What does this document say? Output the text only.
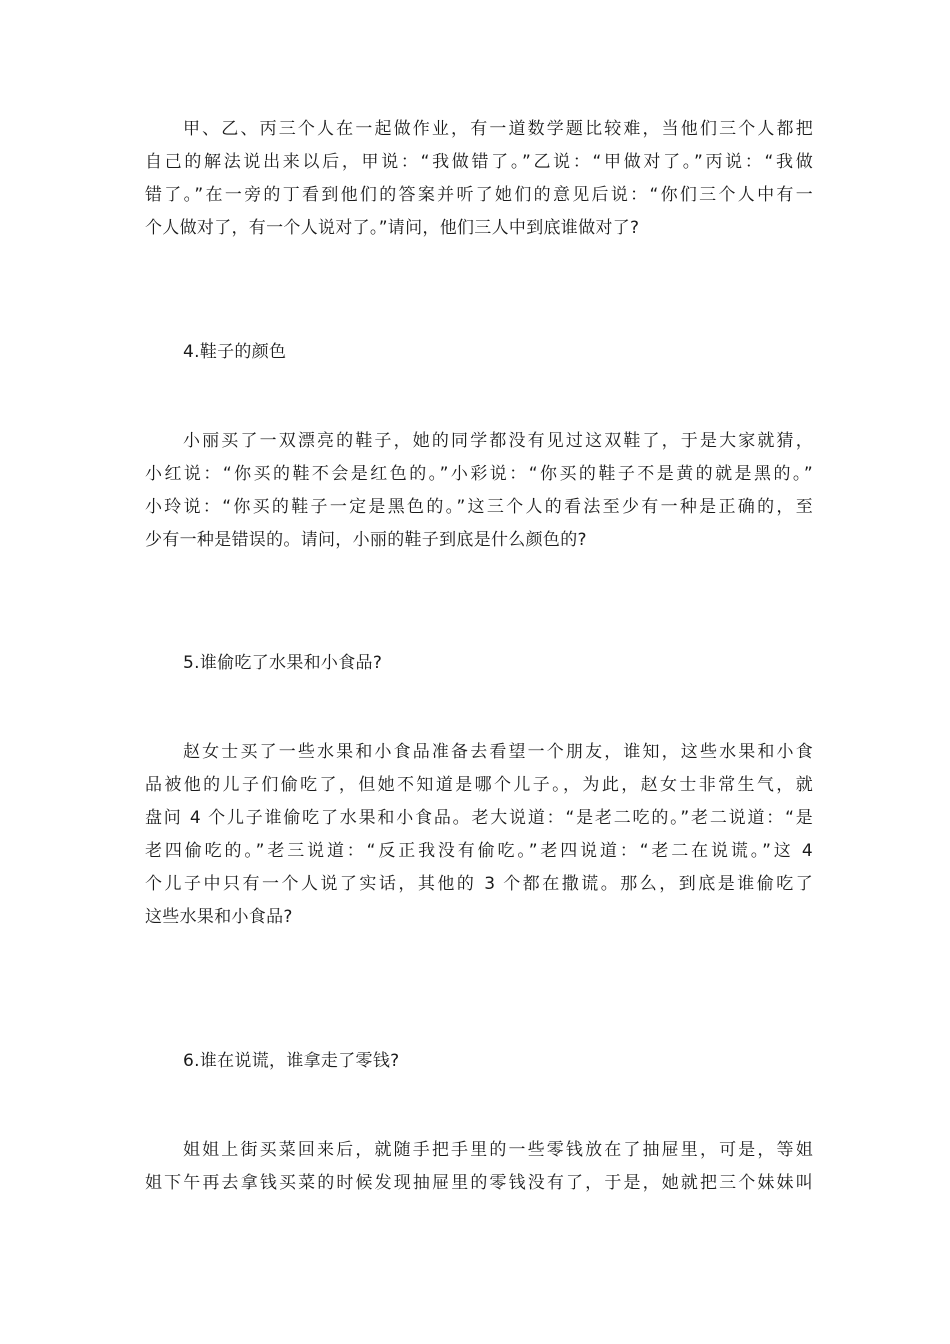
甲、乙、丙三个人在一起做作业，有一道数学题比较难，当他们三个人都把
自己的解法说出来以后，甲说：“我做错了。”乙说：“甲做对了。”丙说：“我做
错了。”在一旁的丁看到他们的答案并听了她们的意见后说：“你们三个人中有一
个人做对了，有一个人说对了。”请问，他们三人中到底谁做对了?
4.鞋子的颜色
小丽买了一双漂亮的鞋子，她的同学都没有见过这双鞋了，于是大家就猜，
小红说：“你买的鞋不会是红色的。”小彩说：“你买的鞋子不是黄的就是黑的。”
小玲说：“你买的鞋子一定是黑色的。”这三个人的看法至少有一种是正确的，至
少有一种是错误的。请问，小丽的鞋子到底是什么颜色的?
5.谁偷吃了水果和小食品?
赵女士买了一些水果和小食品准备去看望一个朋友，谁知，这些水果和小食
品被他的儿子们偷吃了，但她不知道是哪个儿子。，为此，赵女士非常生气，就
盘问 4 个儿子谁偷吃了水果和小食品。老大说道：“是老二吃的。”老二说道：“是
老四偷吃的。”老三说道：“反正我没有偷吃。”老四说道：“老二在说谎。”这 4
个儿子中只有一个人说了实话，其他的 3 个都在撒谎。那么，到底是谁偷吃了
这些水果和小食品?
6.谁在说谎，谁拿走了零钱?
姐姐上街买菜回来后，就随手把手里的一些零钱放在了抽屉里，可是，等姐
姐下午再去拿钱买菜的时候发现抽屉里的零钱没有了，于是，她就把三个妹妹叫
